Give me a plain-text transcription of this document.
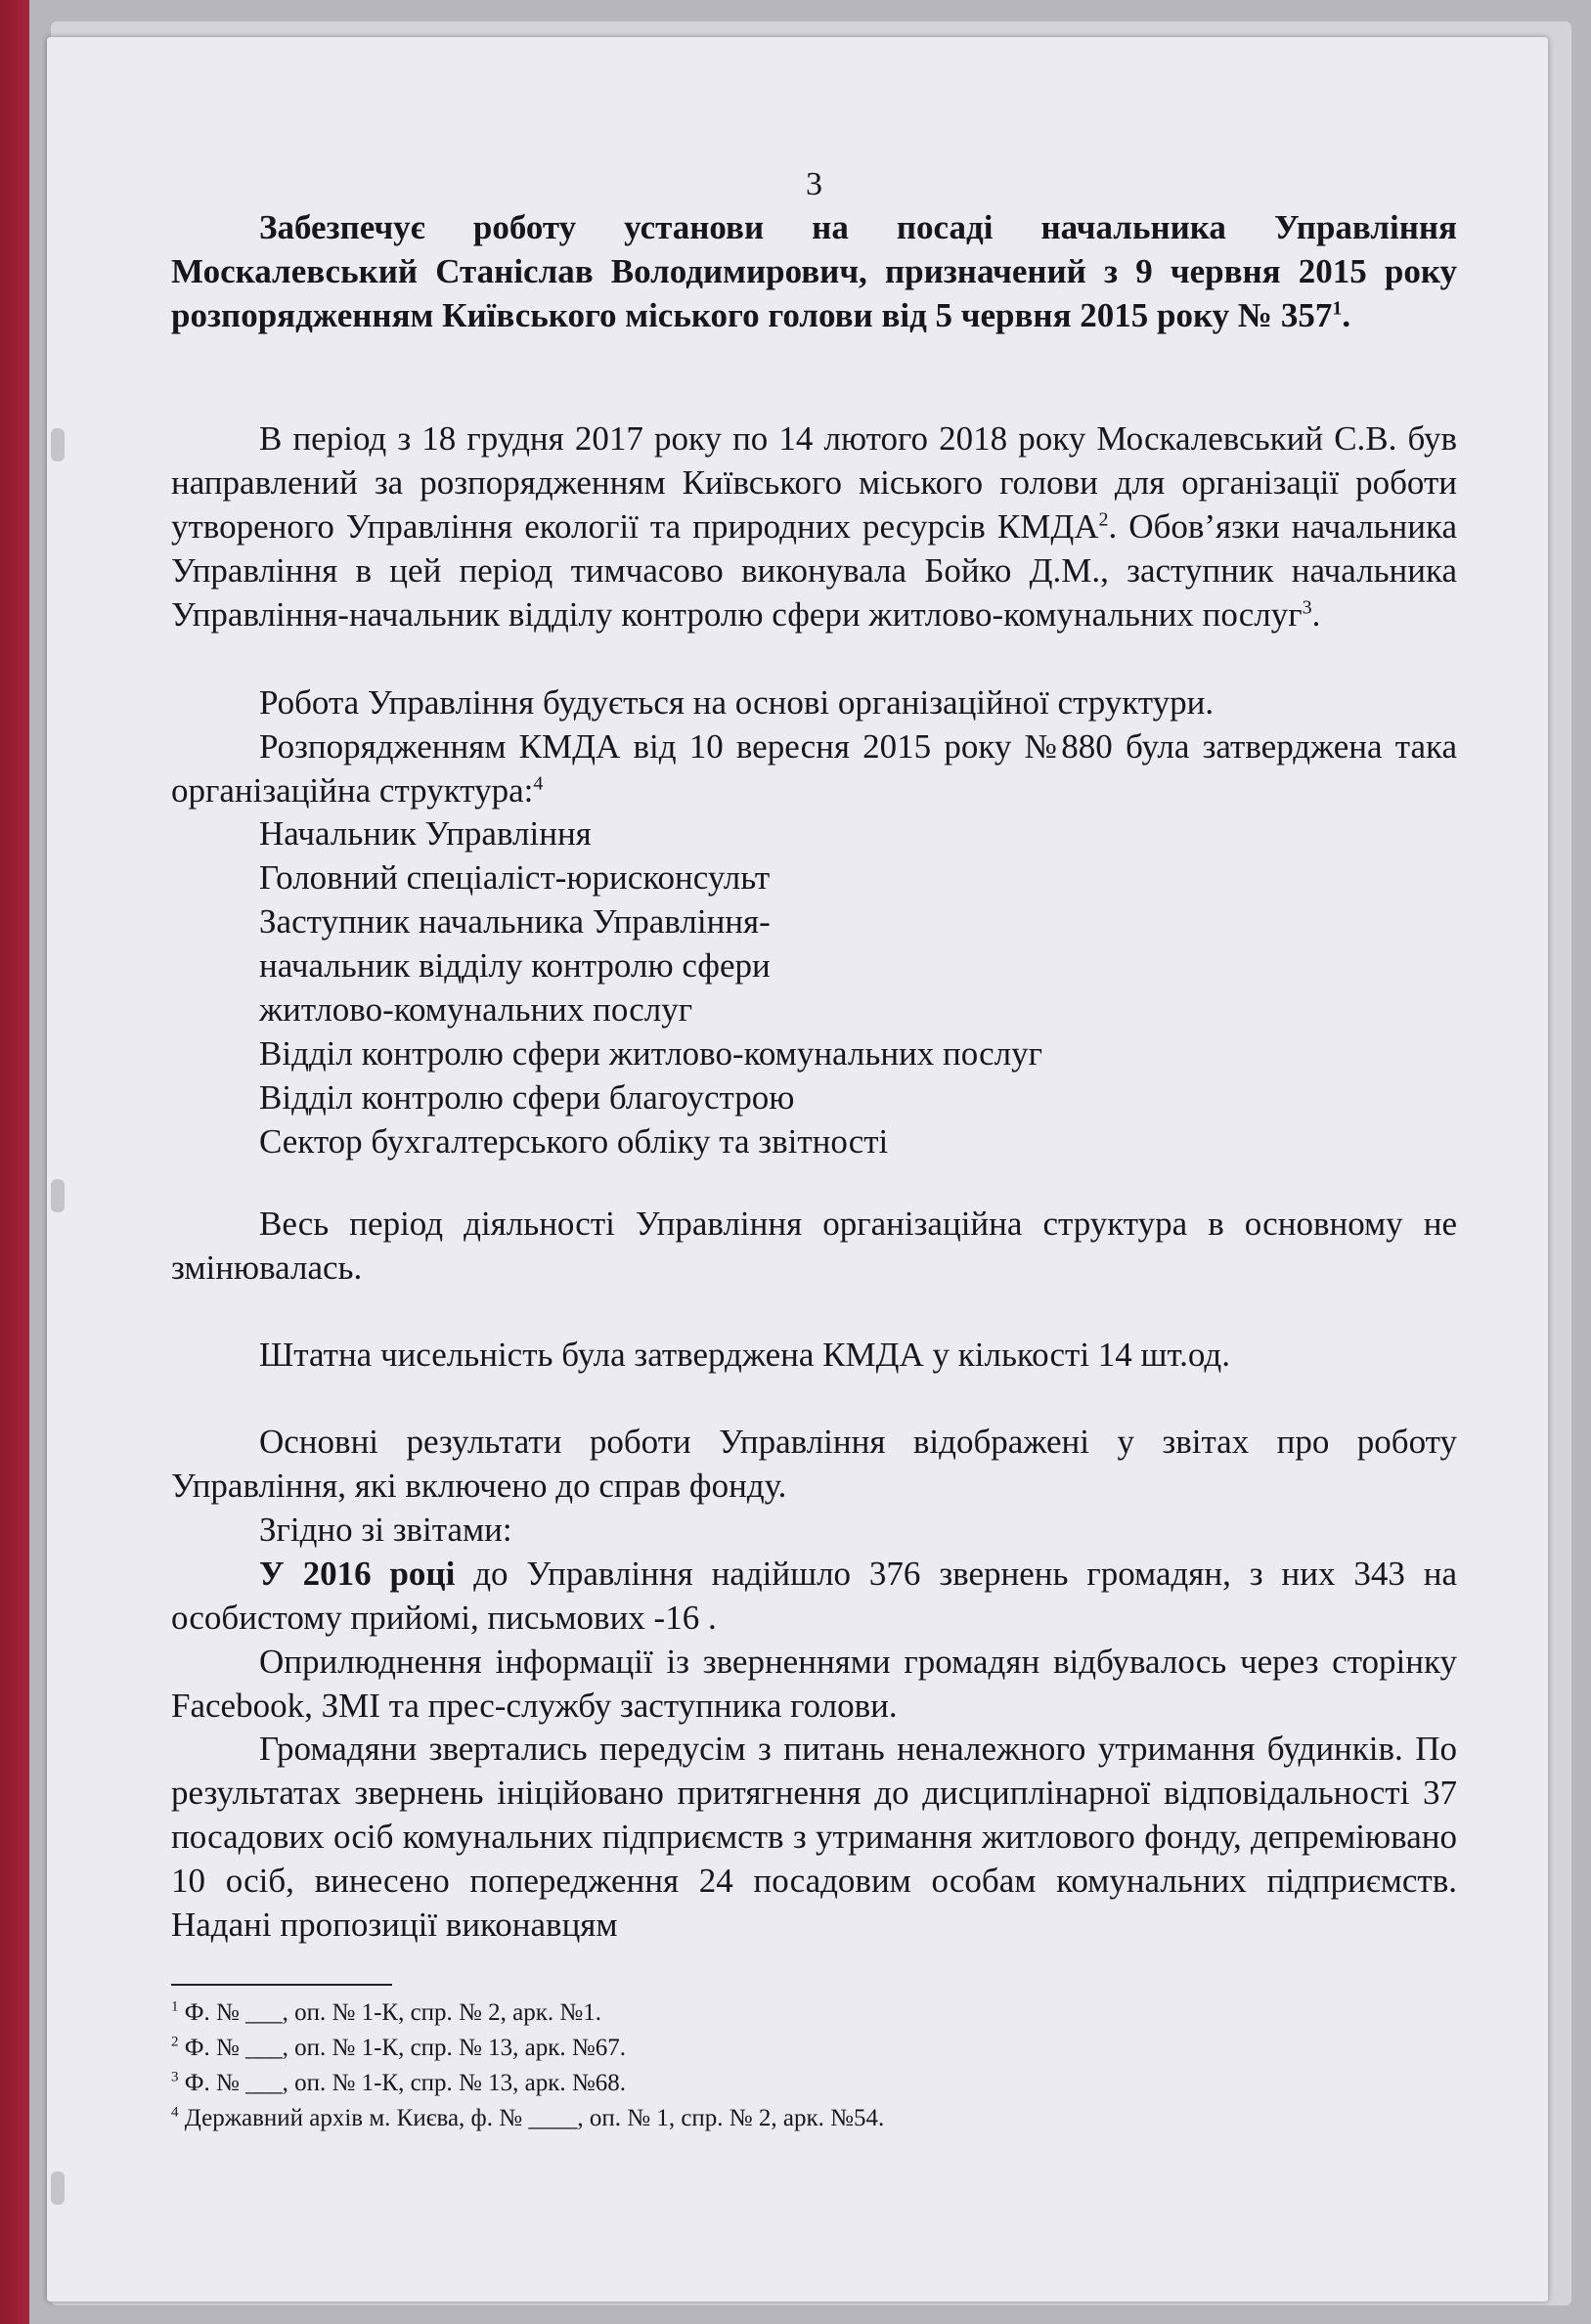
3

Забезпечує роботу установи на посаді начальника Управління Москалевський Станіслав Володимирович, призначений з 9 червня 2015 року розпорядженням Київського міського голови від 5 червня 2015 року № $357^1$.

В період з 18 грудня 2017 року по 14 лютого 2018 року Москалевський С.В. був направлений за розпорядженням Київського міського голови для організації роботи утвореного Управління екології та природних ресурсів КМДА$^2$. Обов’язки начальника Управління в цей період тимчасово виконувала Бойко Д.М., заступник начальника Управління-начальник відділу контролю сфери житлово-комунальних послуг$^3$.

Робота Управління будується на основі організаційної структури.

Розпорядженням КМДА від 10 вересня 2015 року №880 була затверджена така організаційна структура:$^4$

Начальник Управління
Головний спеціаліст-юрисконсульт
Заступник начальника Управління-
начальник відділу контролю сфери
житлово-комунальних послуг
Відділ контролю сфери житлово-комунальних послуг
Відділ контролю сфери благоустрою
Сектор бухгалтерського обліку та звітності

Весь період діяльності Управління організаційна структура в основному не змінювалась.

Штатна чисельність була затверджена КМДА у кількості 14 шт.од.

Основні результати роботи Управління відображені у звітах про роботу Управління, які включено до справ фонду.

Згідно зі звітами:

У 2016 році до Управління надійшло 376 звернень громадян, з них 343 на особистому прийомі, письмових -16 .

Оприлюднення інформації із зверненнями громадян відбувалось через сторінку Facebook, ЗМІ та прес-службу заступника голови.

Громадяни звертались передусім з питань неналежного утримання будинків. По результатах звернень ініційовано притягнення до дисциплінарної відповідальності 37 посадових осіб комунальних підприємств з утримання житлового фонду, депреміювано 10 осіб, винесено попередження 24 посадовим особам комунальних підприємств. Надані пропозиції виконавцям

$^1$ Ф. № ___, оп. № 1-К, спр. № 2, арк. №1.
$^2$ Ф. № ___, оп. № 1-К, спр. № 13, арк. №67.
$^3$ Ф. № ___, оп. № 1-К, спр. № 13, арк. №68.
$^4$ Державний архів м. Києва, ф. № ____, оп. № 1, спр. № 2, арк. №54.
